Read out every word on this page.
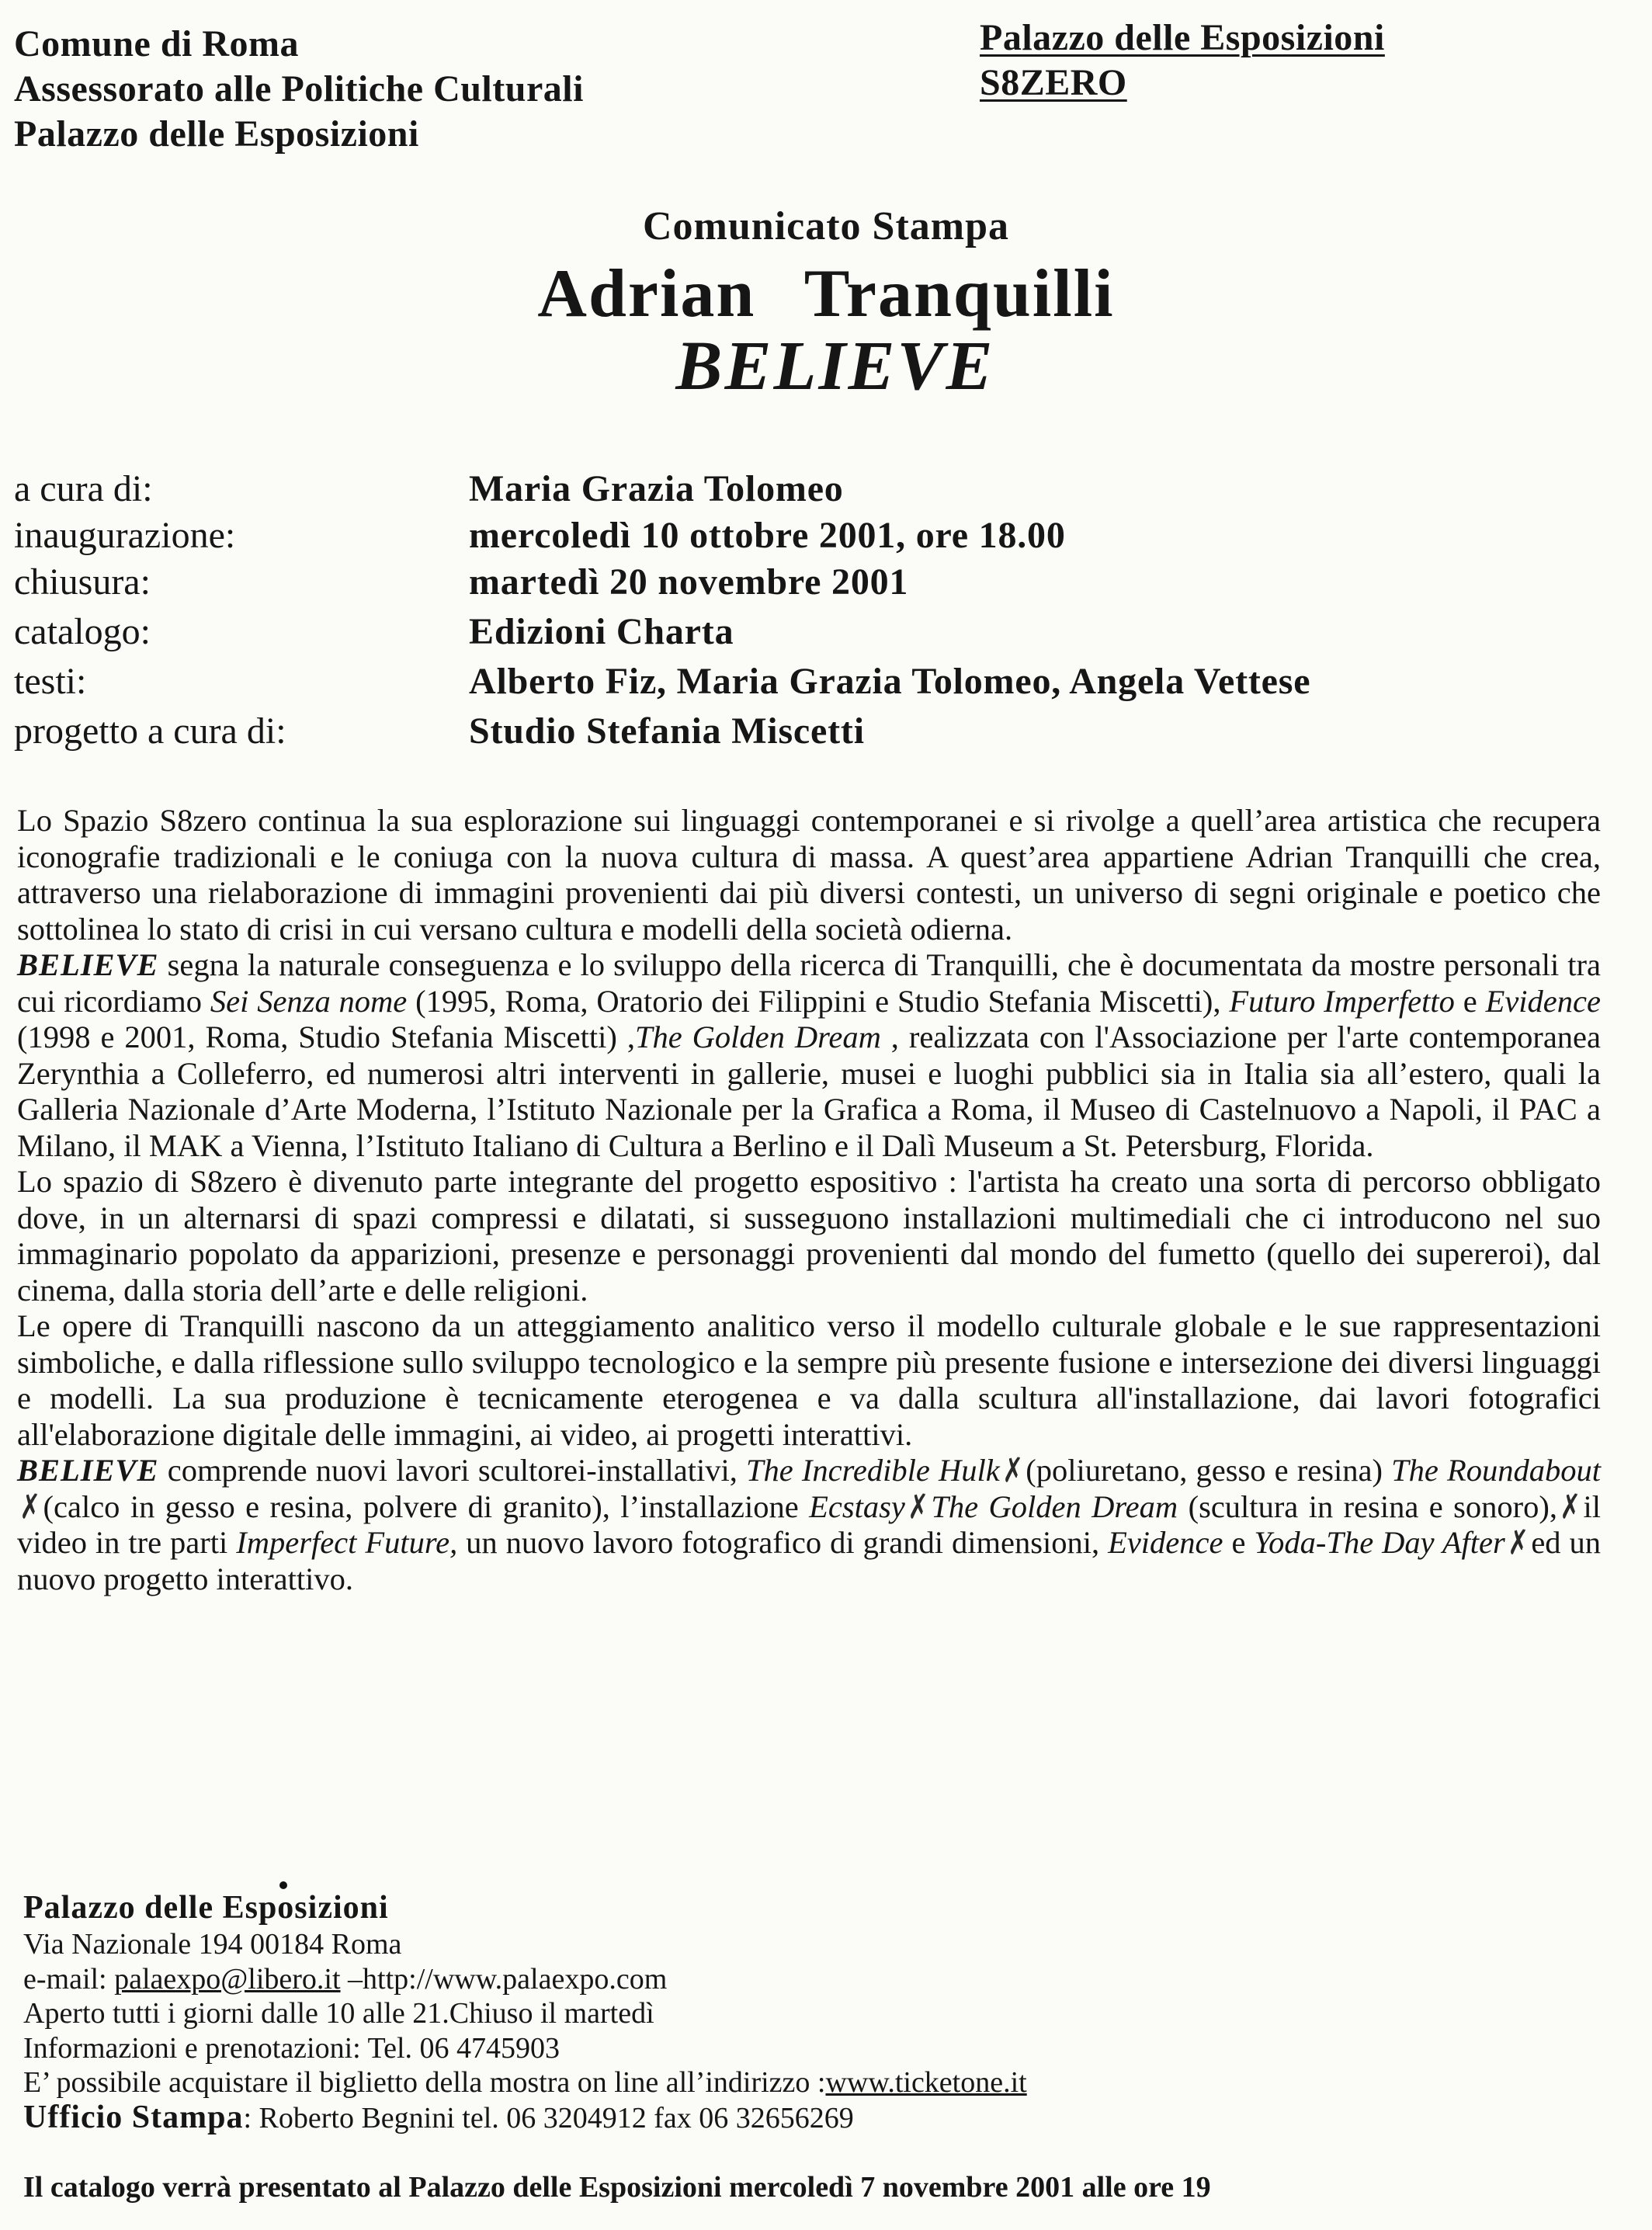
Comune di Roma
Assessorato alle Politiche Culturali
Palazzo delle Esposizioni
Palazzo delle Esposizioni
S8ZERO
Comunicato Stampa
Adrian Tranquilli
BELIEVE
a cura di:	Maria Grazia Tolomeo
inaugurazione:	mercoledì 10 ottobre 2001, ore 18.00
chiusura:	martedì 20 novembre 2001
catalogo:	Edizioni Charta
testi:	Alberto Fiz, Maria Grazia Tolomeo, Angela Vettese
progetto a cura di:	Studio Stefania Miscetti

Lo Spazio S8zero continua la sua esplorazione sui linguaggi contemporanei e si rivolge a quell’area artistica che recupera iconografie tradizionali e le coniuga con la nuova cultura di massa. A quest’area appartiene Adrian Tranquilli che crea, attraverso una rielaborazione di immagini provenienti dai più diversi contesti, un universo di segni originale e poetico che sottolinea lo stato di crisi in cui versano cultura e modelli della società odierna.

BELIEVE segna la naturale conseguenza e lo sviluppo della ricerca di Tranquilli, che è documentata da mostre personali tra cui ricordiamo Sei Senza nome (1995, Roma, Oratorio dei Filippini e Studio Stefania Miscetti), Futuro Imperfetto e Evidence (1998 e 2001, Roma, Studio Stefania Miscetti) ,The Golden Dream , realizzata con l'Associazione per l'arte contemporanea Zerynthia a Colleferro, ed numerosi altri interventi in gallerie, musei e luoghi pubblici sia in Italia sia all’estero, quali la Galleria Nazionale d’Arte Moderna, l’Istituto Nazionale per la Grafica a Roma, il Museo di Castelnuovo a Napoli, il PAC a Milano, il MAK a Vienna, l’Istituto Italiano di Cultura a Berlino e il Dalì Museum a St. Petersburg, Florida.

Lo spazio di S8zero è divenuto parte integrante del progetto espositivo : l'artista ha creato una sorta di percorso obbligato dove, in un alternarsi di spazi compressi e dilatati, si susseguono installazioni multimediali che ci introducono nel suo immaginario popolato da apparizioni, presenze e personaggi provenienti dal mondo del fumetto (quello dei supereroi), dal cinema, dalla storia dell’arte e delle religioni.

Le opere di Tranquilli nascono da un atteggiamento analitico verso il modello culturale globale e le sue rappresentazioni simboliche, e dalla riflessione sullo sviluppo tecnologico e la sempre più presente fusione e intersezione dei diversi linguaggi e modelli. La sua produzione è tecnicamente eterogenea e va dalla scultura all'installazione, dai lavori fotografici all'elaborazione digitale delle immagini, ai video, ai progetti interattivi.

BELIEVE comprende nuovi lavori scultorei-installativi, The Incredible Hulk✗(poliuretano, gesso e resina) The Roundabout✗(calco in gesso e resina, polvere di granito), l’installazione Ecstasy✗The Golden Dream (scultura in resina e sonoro),✗il video in tre parti Imperfect Future, un nuovo lavoro fotografico di grandi dimensioni, Evidence e Yoda-The Day After✗ed un nuovo progetto interattivo.

Palazzo delle Esposizioni
Via Nazionale 194 00184 Roma
e-mail: palaexpo@libero.it –http://www.palaexpo.com
Aperto tutti i giorni dalle 10 alle 21.Chiuso il martedì
Informazioni e prenotazioni: Tel. 06 4745903
E’ possibile acquistare il biglietto della mostra on line all’indirizzo :www.ticketone.it
Ufficio Stampa: Roberto Begnini tel. 06 3204912 fax 06 32656269
Il catalogo verrà presentato al Palazzo delle Esposizioni mercoledì 7 novembre 2001 alle ore 19
